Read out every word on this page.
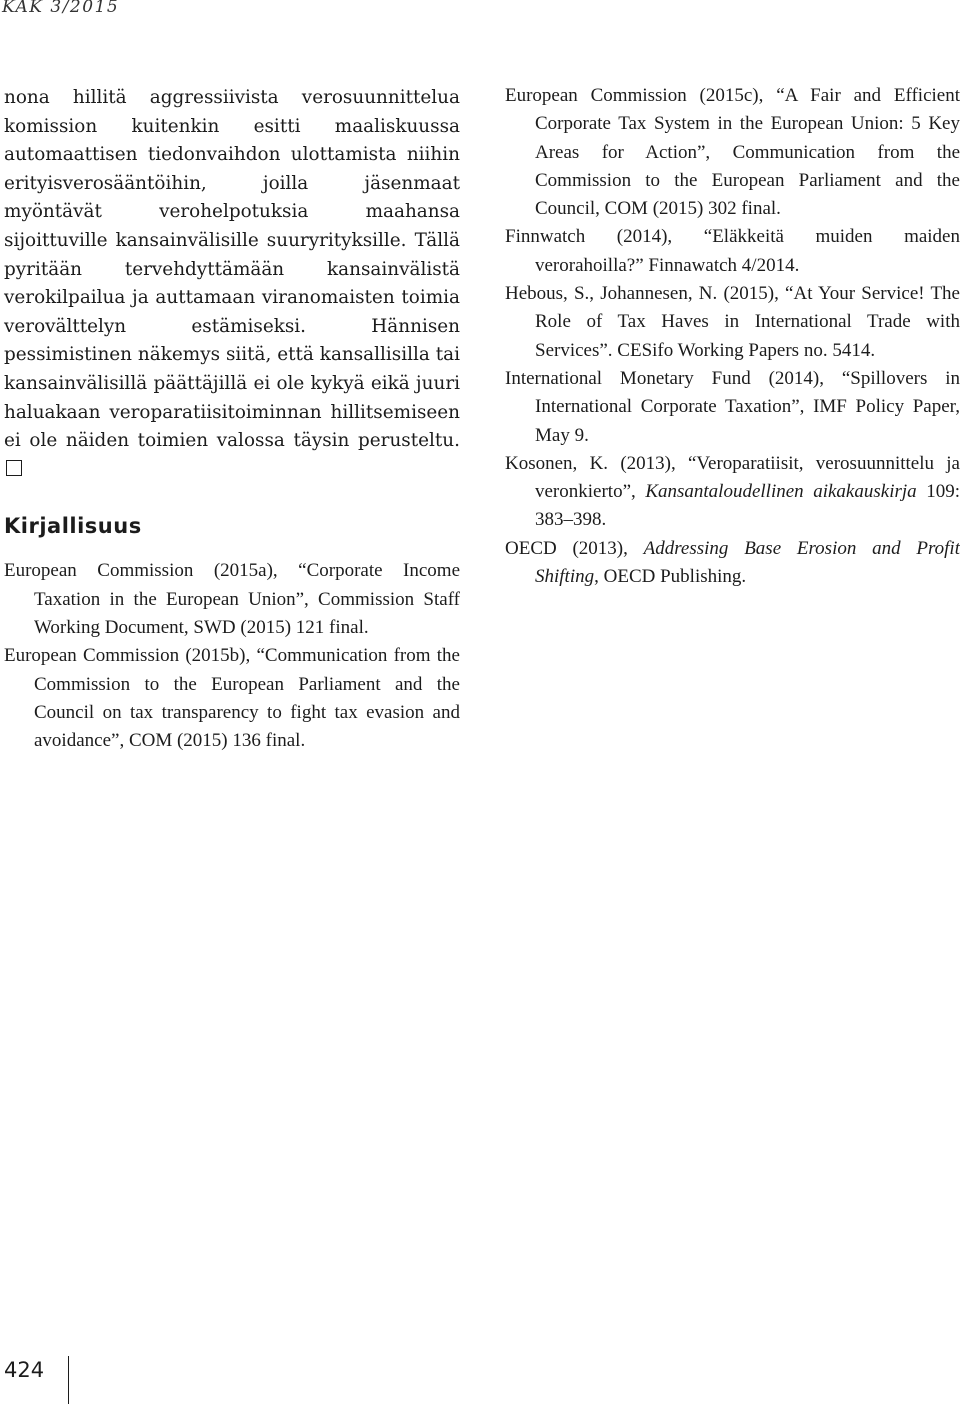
KAK 3/2015

nona hillitä aggressiivista verosuunnittelua komission kuitenkin esitti maaliskuussa automaattisen tiedonvaihdon ulottamista niihin erityisverosääntöihin, joilla jäsenmaat myöntävät verohelpotuksia maahansa sijoittuville kansainvälisille suuryrityksille. Tällä pyritään tervehdyttämään kansainvälistä verokilpailua ja auttamaan viranomaisten toimia verovälttelyn estämiseksi. Hännisen pessimistinen näkemys siitä, että kansallisilla tai kansainvälisillä päättäjillä ei ole kykyä eikä juuri haluakaan veroparatiisitoiminnan hillitsemiseen ei ole näiden toimien valossa täysin perusteltu.

Kirjallisuus
European Commission (2015a), “Corporate Income Taxation in the European Union”, Commission Staff Working Document, SWD (2015) 121 final.
European Commission (2015b), “Communication from the Commission to the European Parliament and the Council on tax transparency to fight tax evasion and avoidance”, COM (2015) 136 final.
European Commission (2015c), “A Fair and Efficient Corporate Tax System in the European Union: 5 Key Areas for Action”, Communication from the Commission to the European Parliament and the Council, COM (2015) 302 final.
Finnwatch (2014), “Eläkkeitä muiden maiden verorahoilla?” Finnawatch 4/2014.
Hebous, S., Johannesen, N. (2015), “At Your Service! The Role of Tax Haves in International Trade with Services”. CESifo Working Papers no. 5414.
International Monetary Fund (2014), “Spillovers in International Corporate Taxation”, IMF Policy Paper, May 9.
Kosonen, K. (2013), “Veroparatiisit, verosuunnittelu ja veronkierto”, Kansantaloudellinen aikakauskirja 109: 383–398.
OECD (2013), Addressing Base Erosion and Profit Shifting, OECD Publishing.
424
